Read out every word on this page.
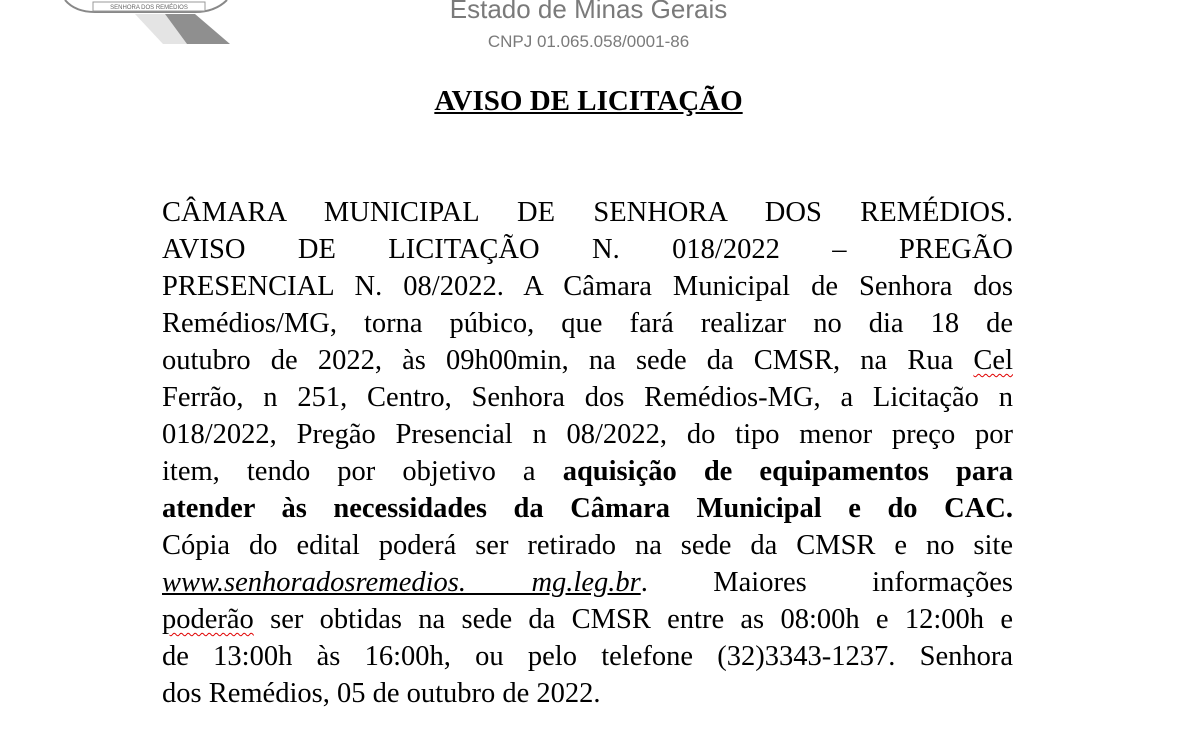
SENHORA DOS REMÉDIOS	Estado de Minas Gerais
CNPJ 01.065.058/0001-86
AVISO DE LICITAÇÃO
CÂMARA MUNICIPAL DE SENHORA DOS REMÉDIOS.
AVISO DE LICITAÇÃO N. 018/2022 – PREGÃO
PRESENCIAL N. 08/2022. A Câmara Municipal de Senhora dos
Remédios/MG, torna púbico, que fará realizar no dia 18 de
outubro de 2022, às 09h00min, na sede da CMSR, na Rua Cel
Ferrão, n 251, Centro, Senhora dos Remédios-MG, a Licitação n
018/2022, Pregão Presencial n 08/2022, do tipo menor preço por
item, tendo por objetivo a aquisição de equipamentos para
atender às necessidades da Câmara Municipal e do CAC.
Cópia do edital poderá ser retirado na sede da CMSR e no site
www.senhoradosremedios. mg.leg.br. Maiores informações
poderão ser obtidas na sede da CMSR entre as 08:00h e 12:00h e
de 13:00h às 16:00h, ou pelo telefone (32)3343-1237. Senhora
dos Remédios, 05 de outubro de 2022.
